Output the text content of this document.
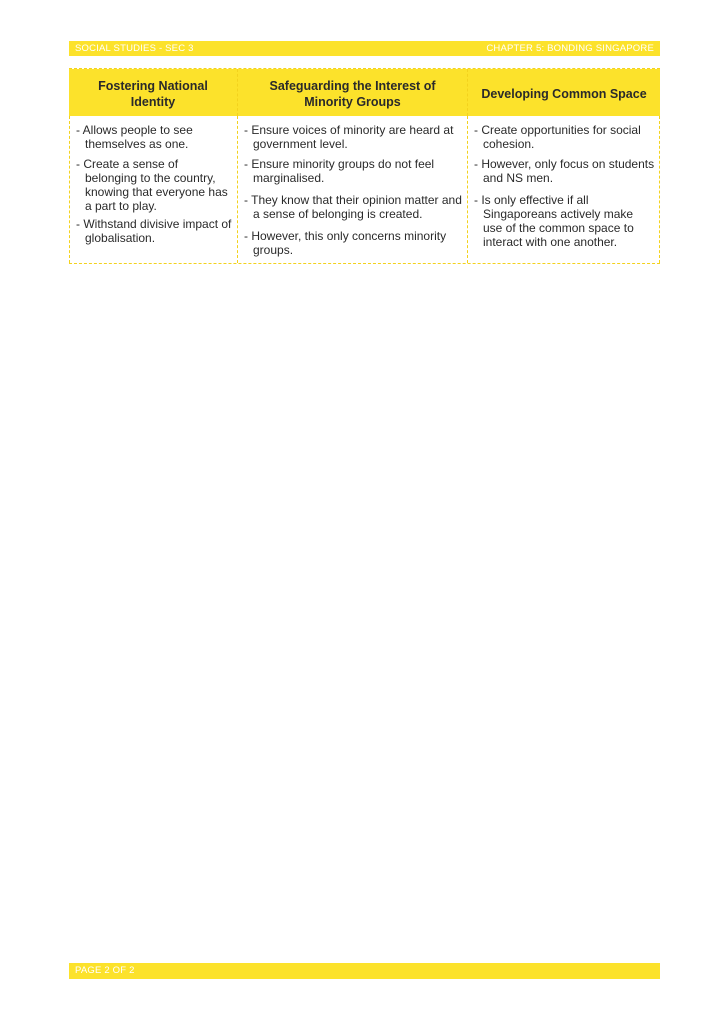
SOCIAL STUDIES - SEC 3	CHAPTER 5: BONDING SINGAPORE
Fostering National Identity
Safeguarding the Interest of Minority Groups
Developing Common Space

- Allows people to see themselves as one.

- Create a sense of belonging to the country, knowing that everyone has a part to play.

- Withstand divisive impact of globalisation.

- Ensure voices of minority are heard at government level.

- Ensure minority groups do not feel marginalised.

- They know that their opinion matter and a sense of belonging is created.

- However, this only concerns minority groups.

- Create opportunities for social cohesion.

- However, only focus on students and NS men.

- Is only effective if all Singaporeans actively make use of the common space to interact with one another.

PAGE 2 OF 2
